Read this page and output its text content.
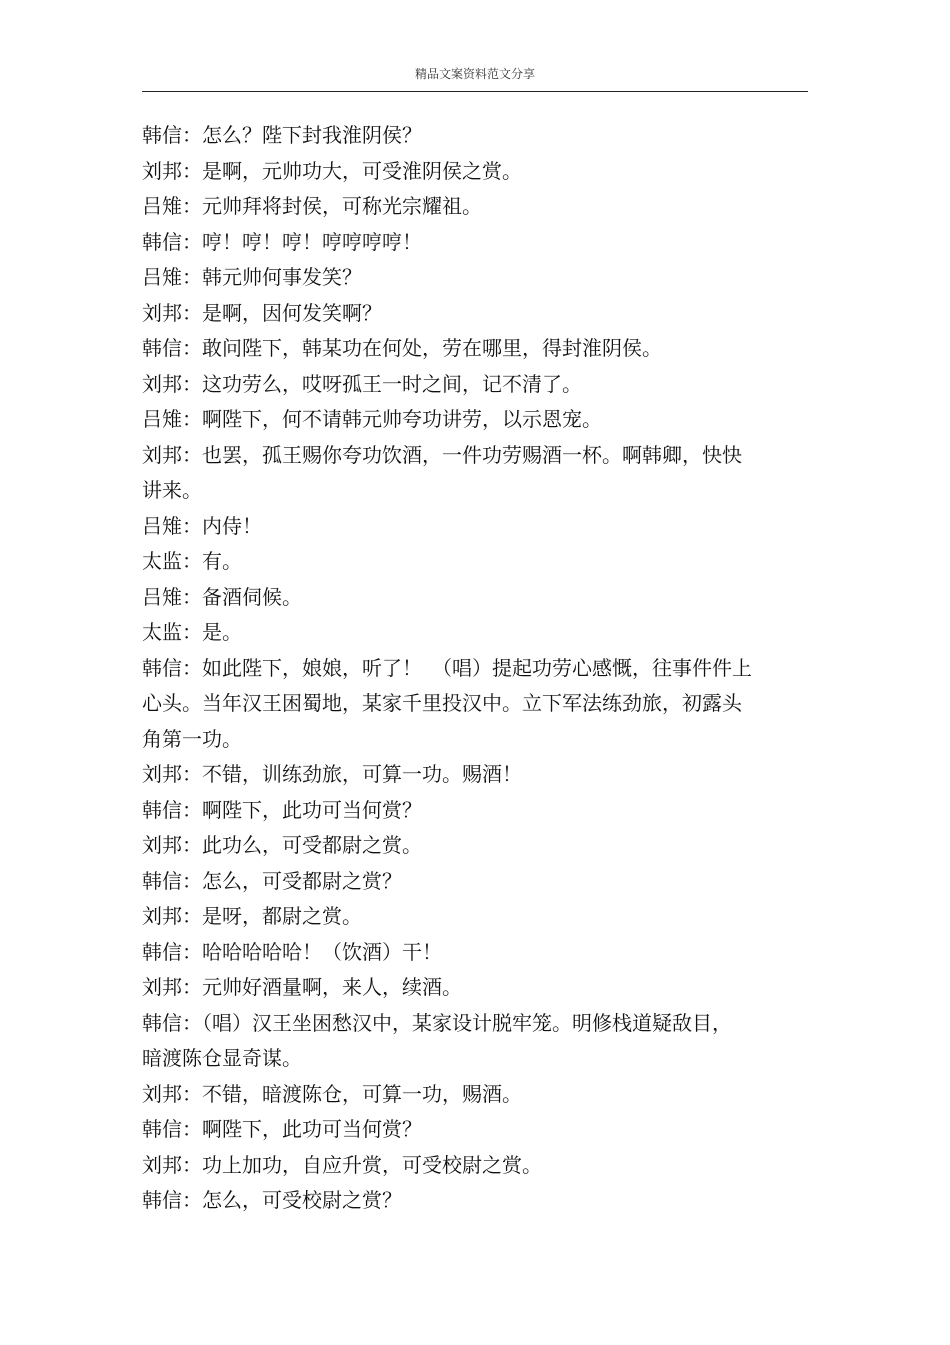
精品文案资料范文分享

韩信：怎么？陛下封我淮阴侯？

刘邦：是啊，元帅功大，可受淮阴侯之赏。

吕雉：元帅拜将封侯，可称光宗耀祖。

韩信：哼！哼！哼！哼哼哼哼！

吕雉：韩元帅何事发笑？

刘邦：是啊，因何发笑啊？

韩信：敢问陛下，韩某功在何处，劳在哪里，得封淮阴侯。

刘邦：这功劳么，哎呀孤王一时之间，记不清了。

吕雉：啊陛下，何不请韩元帅夸功讲劳，以示恩宠。

刘邦：也罢，孤王赐你夸功饮酒，一件功劳赐酒一杯。啊韩卿，快快

讲来。

吕雉：内侍！

太监：有。

吕雉：备酒伺候。

太监：是。

韩信：如此陛下，娘娘，听了！　（唱）提起功劳心感慨，往事件件上

心头。当年汉王困蜀地，某家千里投汉中。立下军法练劲旅，初露头

角第一功。

刘邦：不错，训练劲旅，可算一功。赐酒！

韩信：啊陛下，此功可当何赏？

刘邦：此功么，可受都尉之赏。

韩信：怎么，可受都尉之赏？

刘邦：是呀，都尉之赏。

韩信：哈哈哈哈哈！（饮酒）干！

刘邦：元帅好酒量啊，来人，续酒。

韩信：（唱）汉王坐困愁汉中，某家设计脱牢笼。明修栈道疑敌目，

暗渡陈仓显奇谋。

刘邦：不错，暗渡陈仓，可算一功，赐酒。

韩信：啊陛下，此功可当何赏？

刘邦：功上加功，自应升赏，可受校尉之赏。

韩信：怎么，可受校尉之赏？
